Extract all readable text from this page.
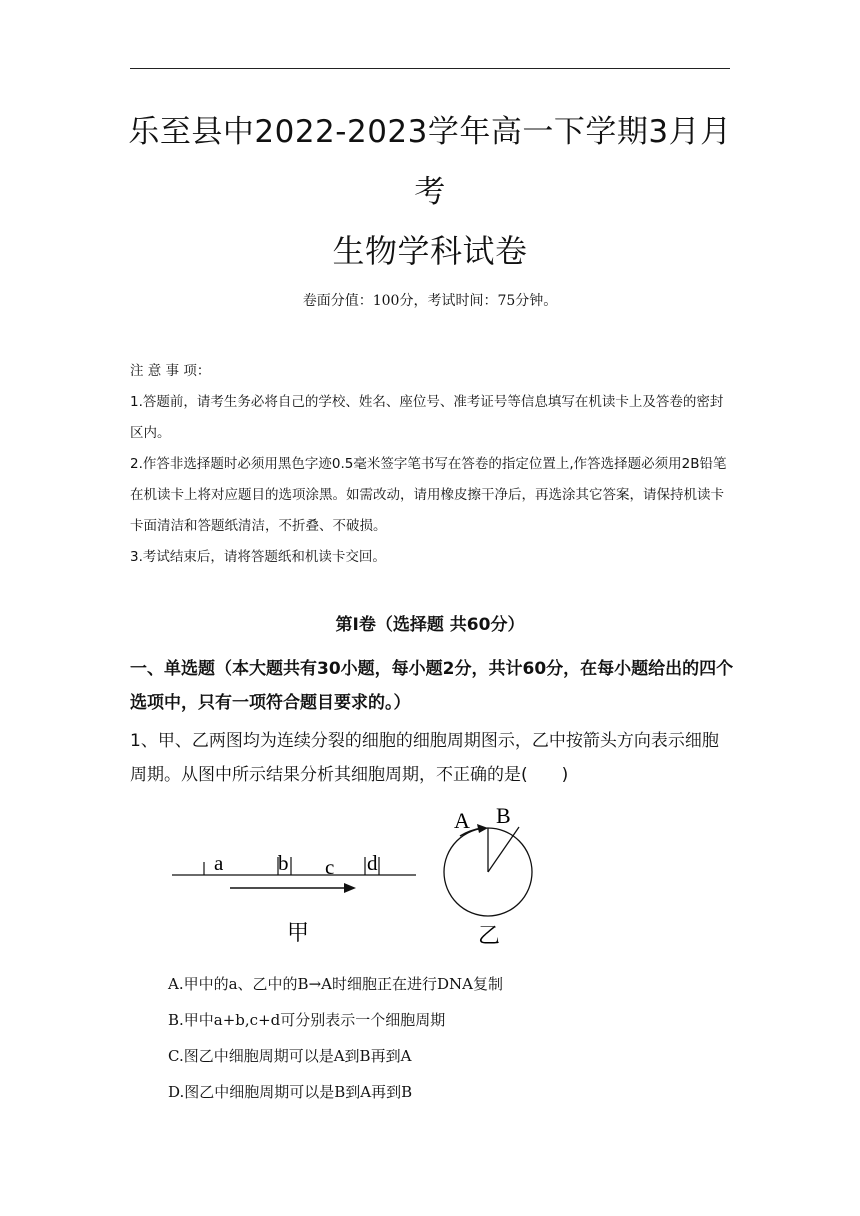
乐至县中2022-2023学年高一下学期3月月
考
生物学科试卷
卷面分值：100分，考试时间：75分钟。

注 意 事 项：

1.答题前，请考生务必将自己的学校、姓名、座位号、准考证号等信息填写在机读卡上及答卷的密封区内。

2.作答非选择题时必须用黑色字迹0.5毫米签字笔书写在答卷的指定位置上,作答选择题必须用2B铅笔在机读卡上将对应题目的选项涂黑。如需改动，请用橡皮擦干净后，再选涂其它答案，请保持机读卡卡面清洁和答题纸清洁，不折叠、不破损。

3.考试结束后，请将答题纸和机读卡交回。

第Ⅰ卷（选择题 共60分）
一、单选题（本大题共有30小题，每小题2分，共计60分，在每小题给出的四个选项中，只有一项符合题目要求的。）
1、甲、乙两图均为连续分裂的细胞的细胞周期图示，乙中按箭头方向表示细胞周期。从图中所示结果分析其细胞周期，不正确的是(　　)
a	b c d
甲
A B
乙
A.甲中的a、乙中的B→A时细胞正在进行DNA复制
B.甲中a+b,c+d可分别表示一个细胞周期
C.图乙中细胞周期可以是A到B再到A
D.图乙中细胞周期可以是B到A再到B
